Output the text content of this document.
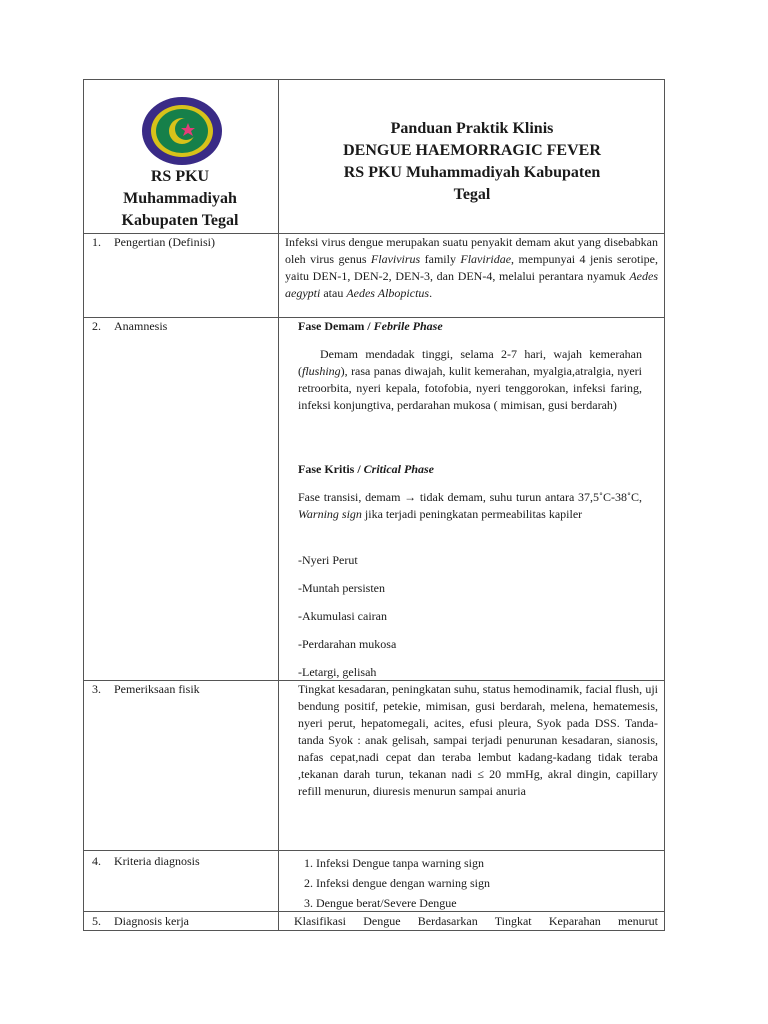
RS PKU
Muhammadiyah
Kabupaten Tegal
Panduan Praktik Klinis
DENGUE HAEMORRAGIC FEVER
RS PKU Muhammadiyah Kabupaten
Tegal
1. Pengertian (Definisi)
2. Anamnesis
3. Pemeriksaan fisik
4. Kriteria diagnosis
5. Diagnosis kerja
Infeksi virus dengue merupakan suatu penyakit demam akut yang disebabkan oleh virus genus Flavivirus family Flaviridae, mempunyai 4 jenis serotipe, yaitu DEN-1, DEN-2, DEN-3, dan DEN-4, melalui perantara nyamuk Aedes aegypti atau Aedes Albopictus.
Fase Demam / Febrile Phase
Demam mendadak tinggi, selama 2-7 hari, wajah kemerahan (flushing), rasa panas diwajah, kulit kemerahan, myalgia,atralgia, nyeri retroorbita, nyeri kepala, fotofobia, nyeri tenggorokan, infeksi faring, infeksi konjungtiva, perdarahan mukosa ( mimisan, gusi berdarah)
Fase Kritis / Critical Phase
Fase transisi, demam → tidak demam, suhu turun antara 37,5˚C-38˚C, Warning sign jika terjadi peningkatan permeabilitas kapiler
-Nyeri Perut
-Muntah persisten
-Akumulasi cairan
-Perdarahan mukosa
-Letargi, gelisah
Tingkat kesadaran, peningkatan suhu, status hemodinamik, facial flush, uji bendung positif, petekie, mimisan, gusi berdarah, melena, hematemesis, nyeri perut, hepatomegali, acites, efusi pleura, Syok pada DSS. Tanda-tanda Syok : anak gelisah, sampai terjadi penurunan kesadaran, sianosis, nafas cepat,nadi cepat dan teraba lembut kadang-kadang tidak teraba ,tekanan darah turun, tekanan nadi ≤ 20 mmHg, akral dingin, capillary refill menurun, diuresis menurun sampai anuria
1. Infeksi Dengue tanpa warning sign
2. Infeksi dengue dengan warning sign
3. Dengue berat/Severe Dengue
Klasifikasi Dengue Berdasarkan Tingkat Keparahan menurut
